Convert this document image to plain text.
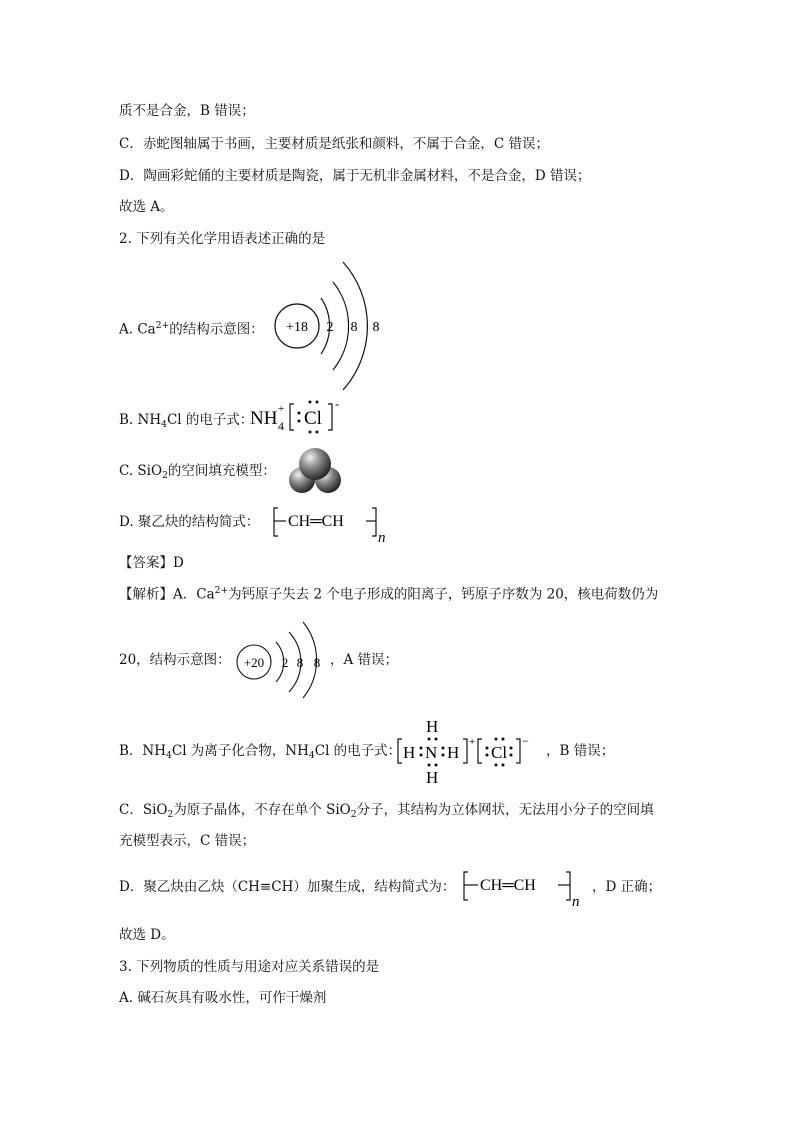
质不是合金，B 错误；
C．赤蛇图轴属于书画，主要材质是纸张和颜料，不属于合金，C 错误；
D．陶画彩蛇俑的主要材质是陶瓷，属于无机非金属材料，不是合金，D 错误；
故选 A。
2. 下列有关化学用语表述正确的是
A. $Ca^{2+}$的结构示意图： +18 2 8 8
B. $NH_4Cl$ 的电子式：
NH +
4 Cl
-
C. SiO$_2$的空间填充模型：
D. 聚乙炔的结构简式： CH═CH
n
【答案】D
【解析】A．$Ca^{2+}$为钙原子失去 2 个电子形成的阳离子，钙原子序数为 20，核电荷数仍为
20，结构示意图： +20 2 8 8 ，A 错误；
B．$NH_4Cl$ 为离子化合物，$NH_4Cl$ 的电子式： H N H
H
H
+
Cl
−
，B 错误；
C．SiO$_2$为原子晶体，不存在单个 SiO$_2$分子，其结构为立体网状，无法用小分子的空间填
充模型表示，C 错误；
D．聚乙炔由乙炔（CH≡CH）加聚生成，结构简式为： CH═CH
n
，D 正确；
故选 D。
3. 下列物质的性质与用途对应关系错误的是
A. 碱石灰具有吸水性，可作干燥剂
